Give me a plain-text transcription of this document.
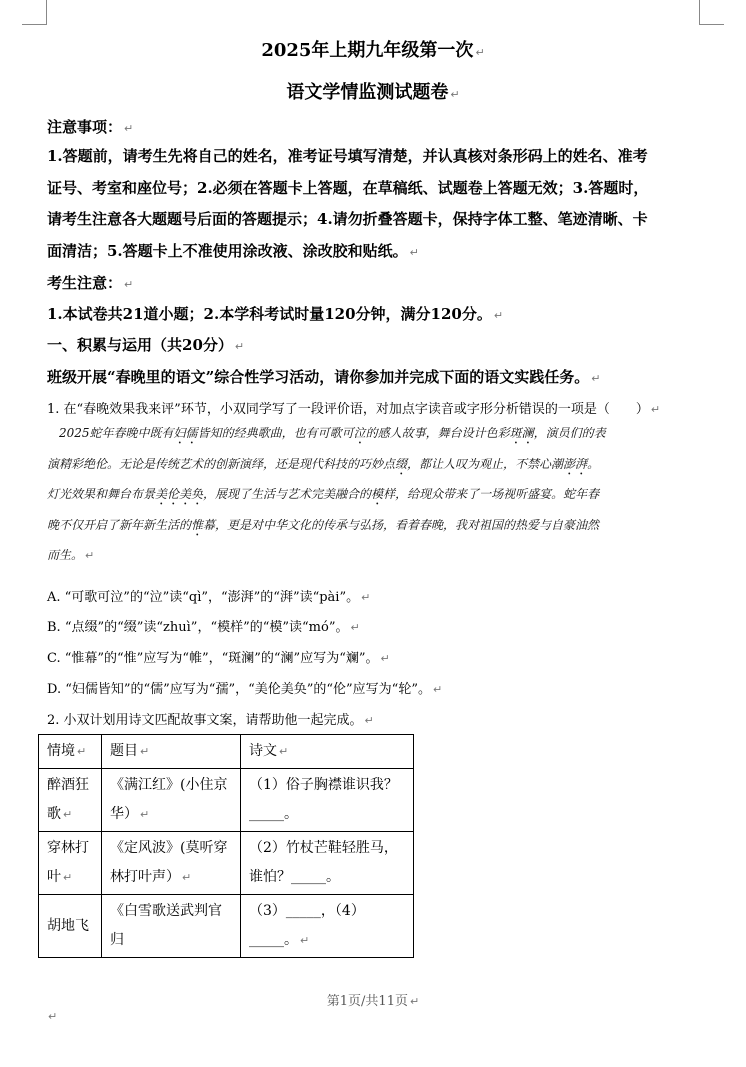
2025年上期九年级第一次 ↵
语文学情监测试题卷 ↵
注意事项： ↵
1.答题前，请考生先将自己的姓名，准考证号填写清楚，并认真核对条形码上的姓名、准考
证号、考室和座位号；2.必须在答题卡上答题，在草稿纸、试题卷上答题无效；3.答题时，
请考生注意各大题题号后面的答题提示；4.请勿折叠答题卡，保持字体工整、笔迹清晰、卡
面清洁；5.答题卡上不准使用涂改液、涂改胶和贴纸。 ↵
考生注意： ↵
1.本试卷共21道小题；2.本学科考试时量120分钟，满分120分。 ↵
一、积累与运用（共20分） ↵
班级开展“春晚里的语文”综合性学习活动，请你参加并完成下面的语文实践任务。 ↵
1. 在“春晚效果我来评”环节，小双同学写了一段评价语，对加点字读音或字形分析错误的一项是（　　） ↵
2025蛇年春晚中既有妇儒皆知的经典歌曲，也有可歌可泣的感人故事，舞台设计色彩斑澜，演员们的表
演精彩绝伦。无论是传统艺术的创新演绎，还是现代科技的巧妙点缀，都让人叹为观止，不禁心潮澎湃。
灯光效果和舞台布景美伦美奂，展现了生活与艺术完美融合的模样，给现众带来了一场视听盛宴。蛇年春
晚不仅开启了新年新生活的惟幕，更是对中华文化的传承与弘扬，看着春晚，我对祖国的热爱与自豪油然
而生。 ↵
A. “可歌可泣”的“泣”读“qì”，“澎湃”的“湃”读“pài”。 ↵
B. “点缀”的“缀”读“zhuì”，“模样”的“模”读“mó”。 ↵
C. “惟幕”的“惟”应写为“帷”，“斑澜”的“澜”应写为“斓”。 ↵
D. “妇儒皆知”的“儒”应写为“孺”，“美伦美奂”的“伦”应写为“轮”。 ↵
2. 小双计划用诗文匹配故事文案，请帮助他一起完成。 ↵
情境 ↵	题目 ↵	诗文 ↵
醉酒狂歌 ↵	《满江红》(小住京华） ↵	（1）俗子胸襟谁识我？_____。
穿林打叶 ↵	《定风波》(莫听穿林打叶声） ↵	（2）竹杖芒鞋轻胜马，谁怕？_____。
胡地飞	《白雪歌送武判官归	（3）_____，（4）_____。 ↵
第1页/共11页 ↵
↵
